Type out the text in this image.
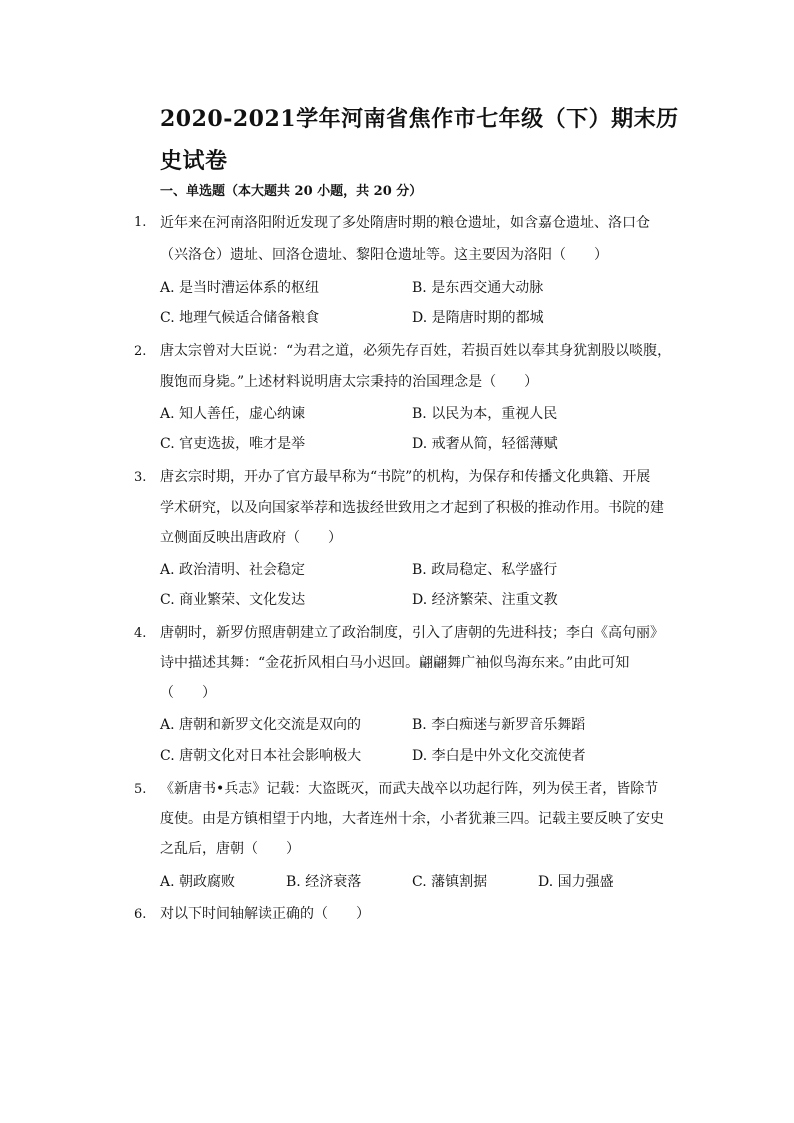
2020-2021学年河南省焦作市七年级（下）期末历史试卷
一、单选题（本大题共 20 小题，共 20 分）
1. 近年来在河南洛阳附近发现了多处隋唐时期的粮仓遗址，如含嘉仓遗址、洛口仓
（兴洛仓）遗址、回洛仓遗址、黎阳仓遗址等。这主要因为洛阳（　　）
A. 是当时漕运体系的枢纽	B. 是东西交通大动脉
C. 地理气候适合储备粮食	D. 是隋唐时期的都城
2. 唐太宗曾对大臣说：“为君之道，必须先存百姓，若损百姓以奉其身犹割股以啖腹，
腹饱而身毙。”上述材料说明唐太宗秉持的治国理念是（　　）
A. 知人善任，虚心纳谏	B. 以民为本，重视人民
C. 官吏选拔，唯才是举	D. 戒奢从简，轻徭薄赋
3. 唐玄宗时期，开办了官方最早称为“书院”的机构，为保存和传播文化典籍、开展
学术研究，以及向国家举荐和选拔经世致用之才起到了积极的推动作用。书院的建
立侧面反映出唐政府（　　）
A. 政治清明、社会稳定	B. 政局稳定、私学盛行
C. 商业繁荣、文化发达	D. 经济繁荣、注重文教
4. 唐朝时，新罗仿照唐朝建立了政治制度，引入了唐朝的先进科技；李白《高句丽》
诗中描述其舞：“金花折风相白马小迟回。翩翩舞广袖似鸟海东来。”由此可知
（　　）
A. 唐朝和新罗文化交流是双向的	B. 李白痴迷与新罗音乐舞蹈
C. 唐朝文化对日本社会影响极大	D. 李白是中外文化交流使者
5. 《新唐书•兵志》记载：大盗既灭，而武夫战卒以功起行阵，列为侯王者，皆除节
度使。由是方镇相望于内地，大者连州十余，小者犹兼三四。记载主要反映了安史
之乱后，唐朝（　　）
A. 朝政腐败	B. 经济衰落	C. 藩镇割据	D. 国力强盛
6. 对以下时间轴解读正确的（　　）
